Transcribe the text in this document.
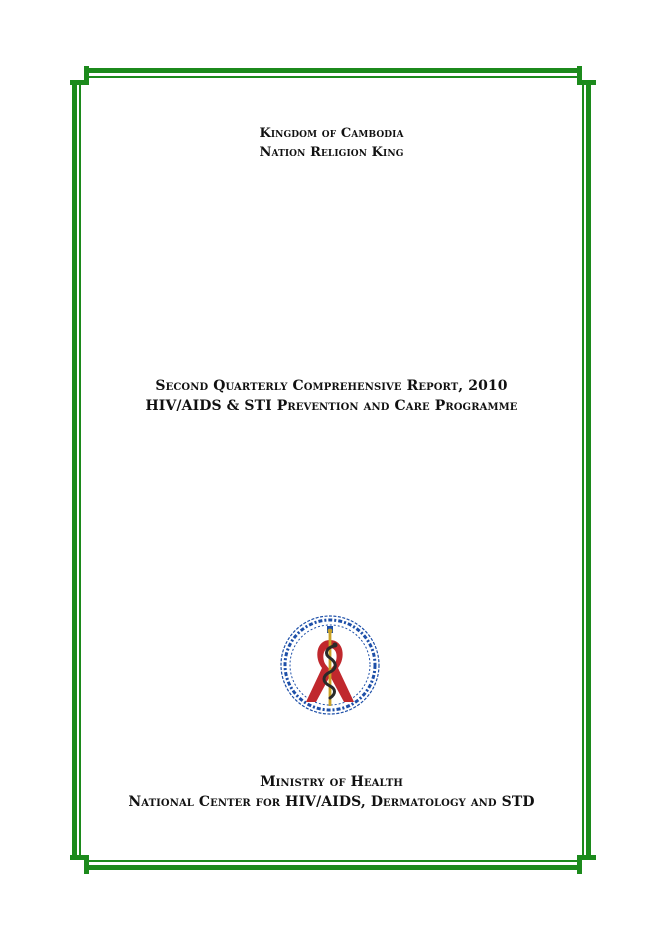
Kingdom of Cambodia
Nation Religion King
Second Quarterly Comprehensive Report, 2010
HIV/AIDS & STI Prevention and Care Programme
Ministry of Health
National Center for HIV/AIDS, Dermatology and STD
